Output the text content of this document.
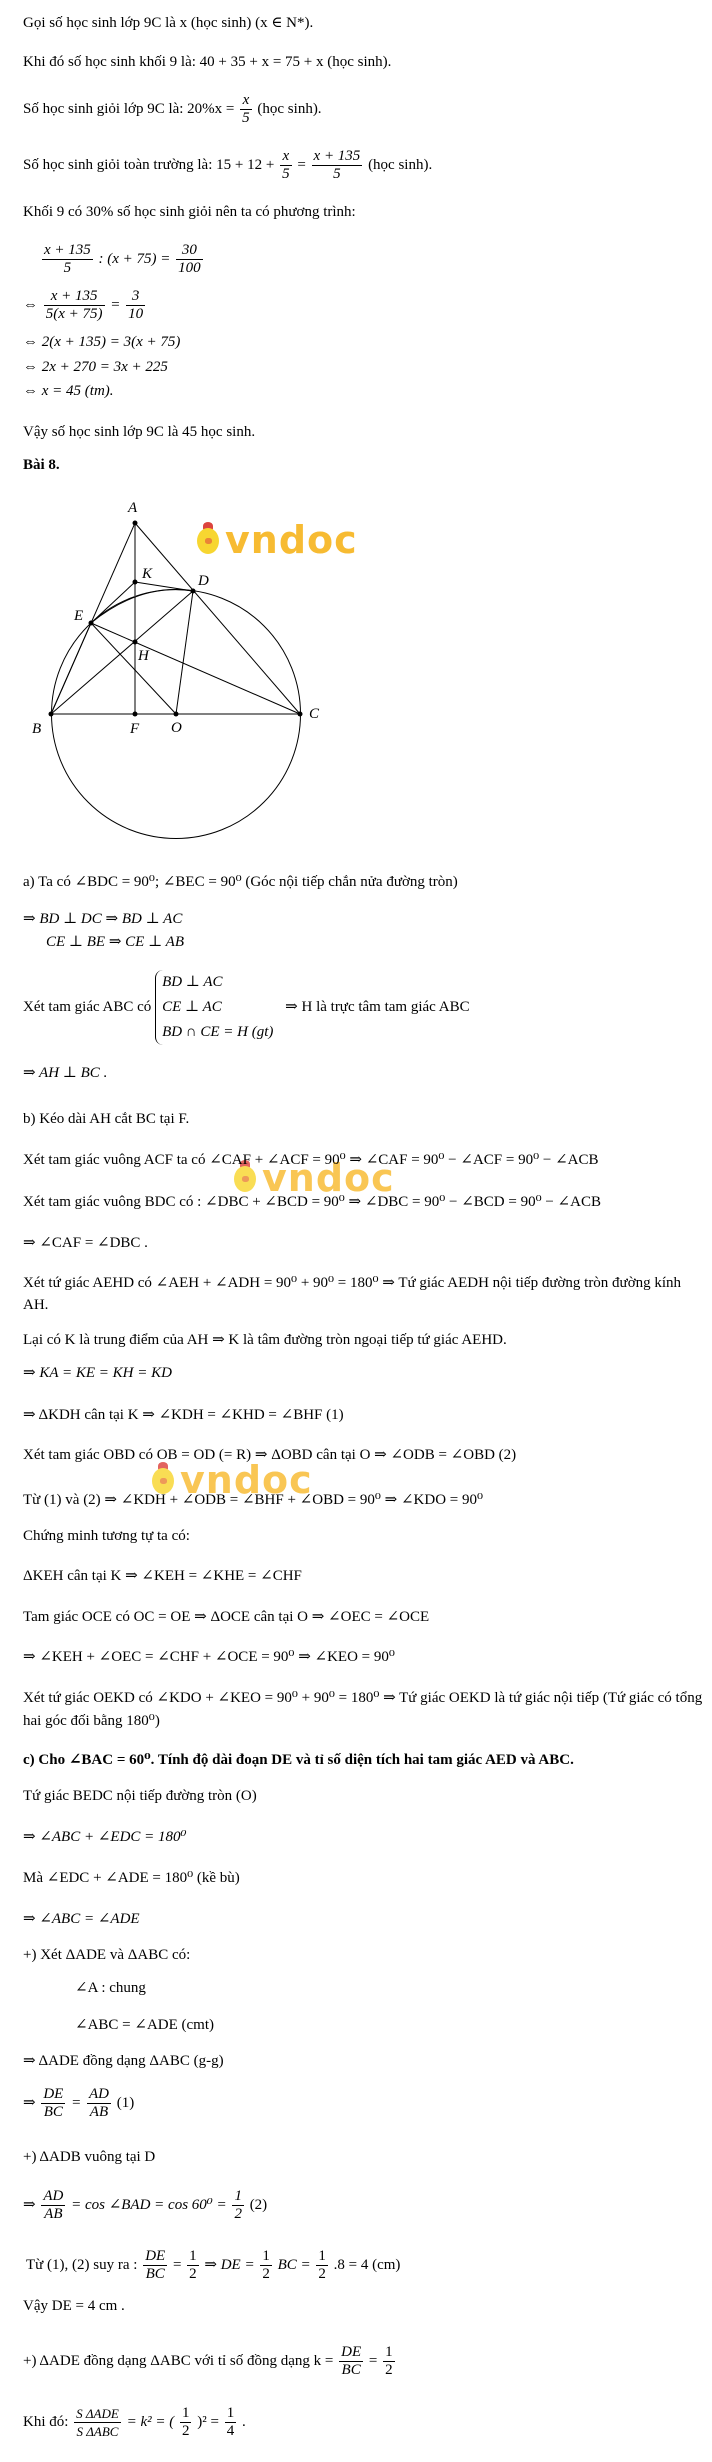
Gọi số học sinh lớp 9C là x (học sinh) (x ∈ N*).
Khi đó số học sinh khối 9 là: 40 + 35 + x = 75 + x (học sinh).
Số học sinh giỏi lớp 9C là: $20\%x = \frac{x}{5}$ (học sinh).
Số học sinh giỏi toàn trường là: $15 + 12 + \frac{x}{5} = \frac{x + 135}{5}$ (học sinh).
Khối 9 có 30% số học sinh giỏi nên ta có phương trình:
$\frac{x + 135}{5}$ : $(x + 75) = \frac{30}{100}$
⇔ $\frac{x + 135}{5(x + 75)} = \frac{3}{10}$
⇔ 2(x + 135) = 3(x + 75)
⇔ 2x + 270 = 3x + 225
⇔ x = 45 (tm).
Vậy số học sinh lớp 9C là 45 học sinh.
Bài 8.
A
K	D
E
H
B	F O
C
vndoc
vndoc
vndoc
a) Ta có ∠BDC = 90⁰; ∠BEC = 90⁰ (Góc nội tiếp chắn nửa đường tròn)
⇒ BD ⊥ DC ⇒ BD ⊥ AC
CE ⊥ BE ⇒ CE ⊥ AB
Xét tam giác ABC có
BD ⊥ AC
CE ⊥ AC
BD ∩ CE = H (gt)
⇒ H là trực tâm tam giác ABC
⇒ AH ⊥ BC .
b) Kéo dài AH cắt BC tại F.
Xét tam giác vuông ACF ta có ∠CAF + ∠ACF = 90⁰ ⇒ ∠CAF = 90⁰ − ∠ACF = 90⁰ − ∠ACB
Xét tam giác vuông BDC có : ∠DBC + ∠BCD = 90⁰ ⇒ ∠DBC = 90⁰ − ∠BCD = 90⁰ − ∠ACB
⇒ ∠CAF = ∠DBC .
Xét tứ giác AEHD có ∠AEH + ∠ADH = 90⁰ + 90⁰ = 180⁰ ⇒ Tứ giác AEDH nội tiếp đường tròn đường kính
AH.
Lại có K là trung điểm của AH ⇒ K là tâm đường tròn ngoại tiếp tứ giác AEHD.
⇒ KA = KE = KH = KD
⇒ ΔKDH cân tại K ⇒ ∠KDH = ∠KHD = ∠BHF (1)
Xét tam giác OBD có OB = OD (= R) ⇒ ΔOBD cân tại O ⇒ ∠ODB = ∠OBD (2)
Từ (1) và (2) ⇒ ∠KDH + ∠ODB = ∠BHF + ∠OBD = 90⁰ ⇒ ∠KDO = 90⁰
Chứng minh tương tự ta có:
ΔKEH cân tại K ⇒ ∠KEH = ∠KHE = ∠CHF
Tam giác OCE có OC = OE ⇒ ΔOCE cân tại O ⇒ ∠OEC = ∠OCE
⇒ ∠KEH + ∠OEC = ∠CHF + ∠OCE = 90⁰ ⇒ ∠KEO = 90⁰
Xét tứ giác OEKD có ∠KDO + ∠KEO = 90⁰ + 90⁰ = 180⁰ ⇒ Tứ giác OEKD là tứ giác nội tiếp (Tứ giác có tổng
hai góc đối bằng 180⁰)
c) Cho ∠BAC = 60⁰. Tính độ dài đoạn DE và tỉ số diện tích hai tam giác AED và ABC.
Tứ giác BEDC nội tiếp đường tròn (O)
⇒ ∠ABC + ∠EDC = 180⁰
Mà ∠EDC + ∠ADE = 180⁰ (kề bù)
⇒ ∠ABC = ∠ADE
+) Xét ΔADE và ΔABC có:
∠A : chung
∠ABC = ∠ADE (cmt)
⇒ ΔADE đồng dạng ΔABC (g-g)
⇒ $\frac{DE}{BC} = \frac{AD}{AB} (1)$
+) ΔADB vuông tại D
⇒ $\frac{AD}{AB} = \cos$ ∠BAD = $\cos 60^0 = \frac{1}{2} (2)$
Từ (1), (2) suy ra : $\frac{DE}{BC} = \frac{1}{2}$ ⇒ DE = $\frac{1}{2}$ BC = $\frac{1}{2} .8 = 4$ (cm)
Vậy DE = 4 cm .
+) ΔADE đồng dạng ΔABC với tỉ số đồng dạng $k = \frac{DE}{BC} = \frac{1}{2}$
Khi đó: $\frac{\text{S ΔADE}}{\text{S ΔABC}} = k^2$ = ( $\frac{1}{2} )^2 = \frac{1}{4}$ .
